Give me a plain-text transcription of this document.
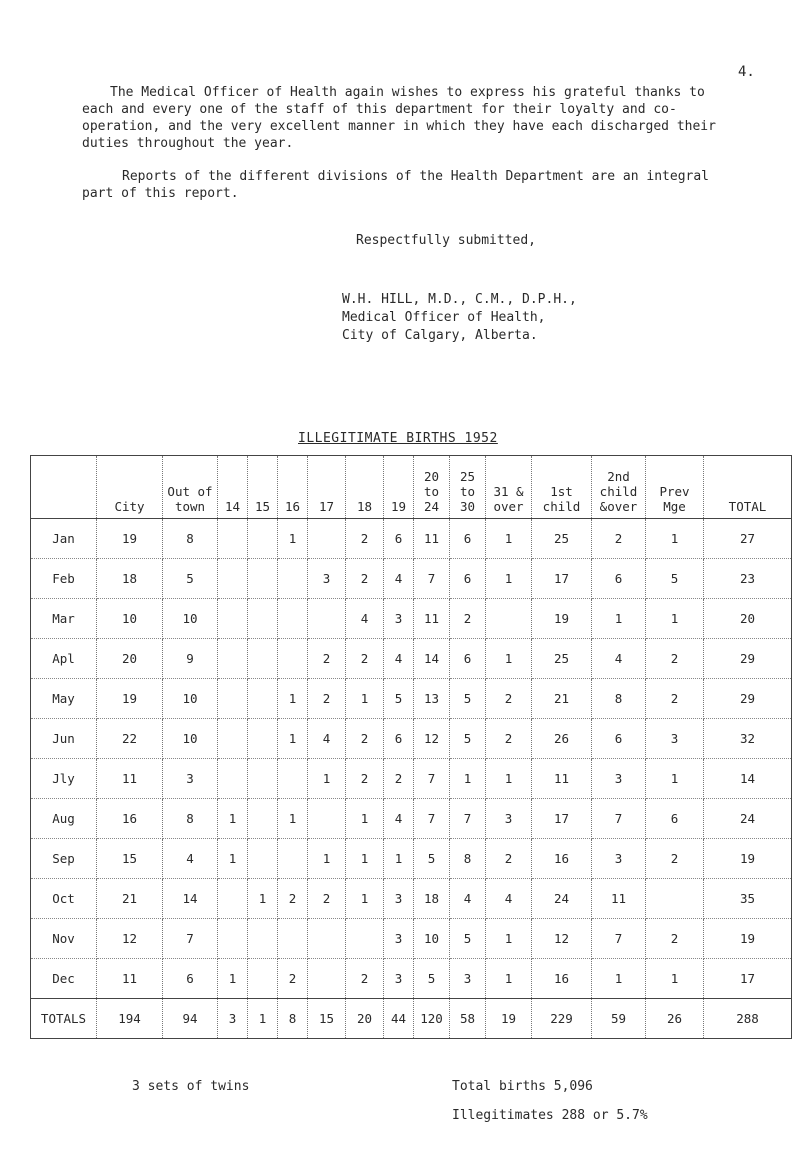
4.

The Medical Officer of Health again wishes to express his grateful thanks to each and every one of the staff of this department for their loyalty and co-operation, and the very excellent manner in which they have each discharged their duties throughout the year.

Reports of the different divisions of the Health Department are an integral part of this report.

Respectfully submitted,
W.H. HILL, M.D., C.M., D.P.H.,
Medical Officer of Health,
City of Calgary, Alberta.
ILLEGITIMATE BIRTHS 1952
	City	Out of town	14	15	16	17	18	19	20 to 24	25 to 30	31 & over	1st child	2nd child &over	Prev Mge	TOTAL
Jan	19	8			1		2	6	11	6	1	25	2	1	27
Feb	18	5				3	2	4	7	6	1	17	6	5	23
Mar	10	10					4	3	11	2		19	1	1	20
Apl	20	9				2	2	4	14	6	1	25	4	2	29
May	19	10			1	2	1	5	13	5	2	21	8	2	29
Jun	22	10			1	4	2	6	12	5	2	26	6	3	32
Jly	11	3				1	2	2	7	1	1	11	3	1	14
Aug	16	8	1		1		1	4	7	7	3	17	7	6	24
Sep	15	4	1			1	1	1	5	8	2	16	3	2	19
Oct	21	14		1	2	2	1	3	18	4	4	24	11		35
Nov	12	7						3	10	5	1	12	7	2	19
Dec	11	6	1		2		2	3	5	3	1	16	1	1	17
TOTALS	194	94	3	1	8	15	20	44	120	58	19	229	59	26	288
3 sets of twins	Total births 5,096
Illegitimates 288 or 5.7%
